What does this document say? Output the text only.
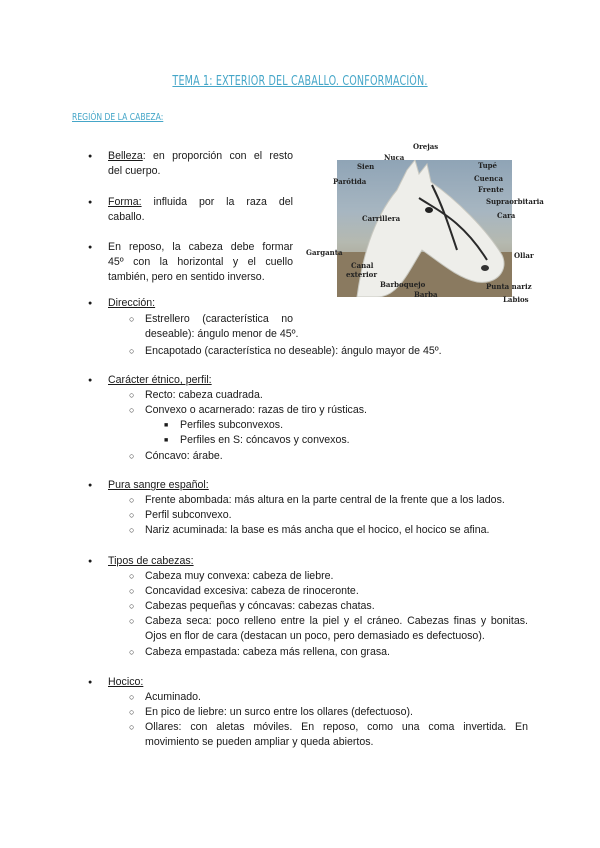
TEMA 1: EXTERIOR DEL CABALLO. CONFORMACIÓN.
REGIÓN DE LA CABEZA:
● Belleza: en proporción con el resto
del cuerpo.
● Forma: influida por la raza del
caballo.
● En reposo, la cabeza debe formar
45º con la horizontal y el cuello
también, pero en sentido inverso.
Orejas
Nuca
Sien	Tupé
Cuenca
Parótida
Frente
Supraorbitaria
Carrillera	Cara
Garganta	Ollar
Canal
exterior
Barboquejo	Punta nariz
Barba
Labios
● Dirección:
○ Estrellero (característica no
deseable): ángulo menor de 45º.
○ Encapotado (característica no deseable): ángulo mayor de 45º.
● Carácter étnico, perfil:
○ Recto: cabeza cuadrada.
○ Convexo o acarnerado: razas de tiro y rústicas.
■ Perfiles subconvexos.
■ Perfiles en S: cóncavos y convexos.
○ Cóncavo: árabe.
● Pura sangre español:
○ Frente abombada: más altura en la parte central de la frente que a los lados.
○ Perfil subconvexo.
○ Nariz acuminada: la base es más ancha que el hocico, el hocico se afina.
● Tipos de cabezas:
○ Cabeza muy convexa: cabeza de liebre.
○ Concavidad excesiva: cabeza de rinoceronte.
○ Cabezas pequeñas y cóncavas: cabezas chatas.
○ Cabeza seca: poco relleno entre la piel y el cráneo. Cabezas finas y bonitas.
Ojos en flor de cara (destacan un poco, pero demasiado es defectuoso).
○ Cabeza empastada: cabeza más rellena, con grasa.
● Hocico:
○ Acuminado.
○ En pico de liebre: un surco entre los ollares (defectuoso).
○ Ollares: con aletas móviles. En reposo, como una coma invertida. En
movimiento se pueden ampliar y queda abiertos.
